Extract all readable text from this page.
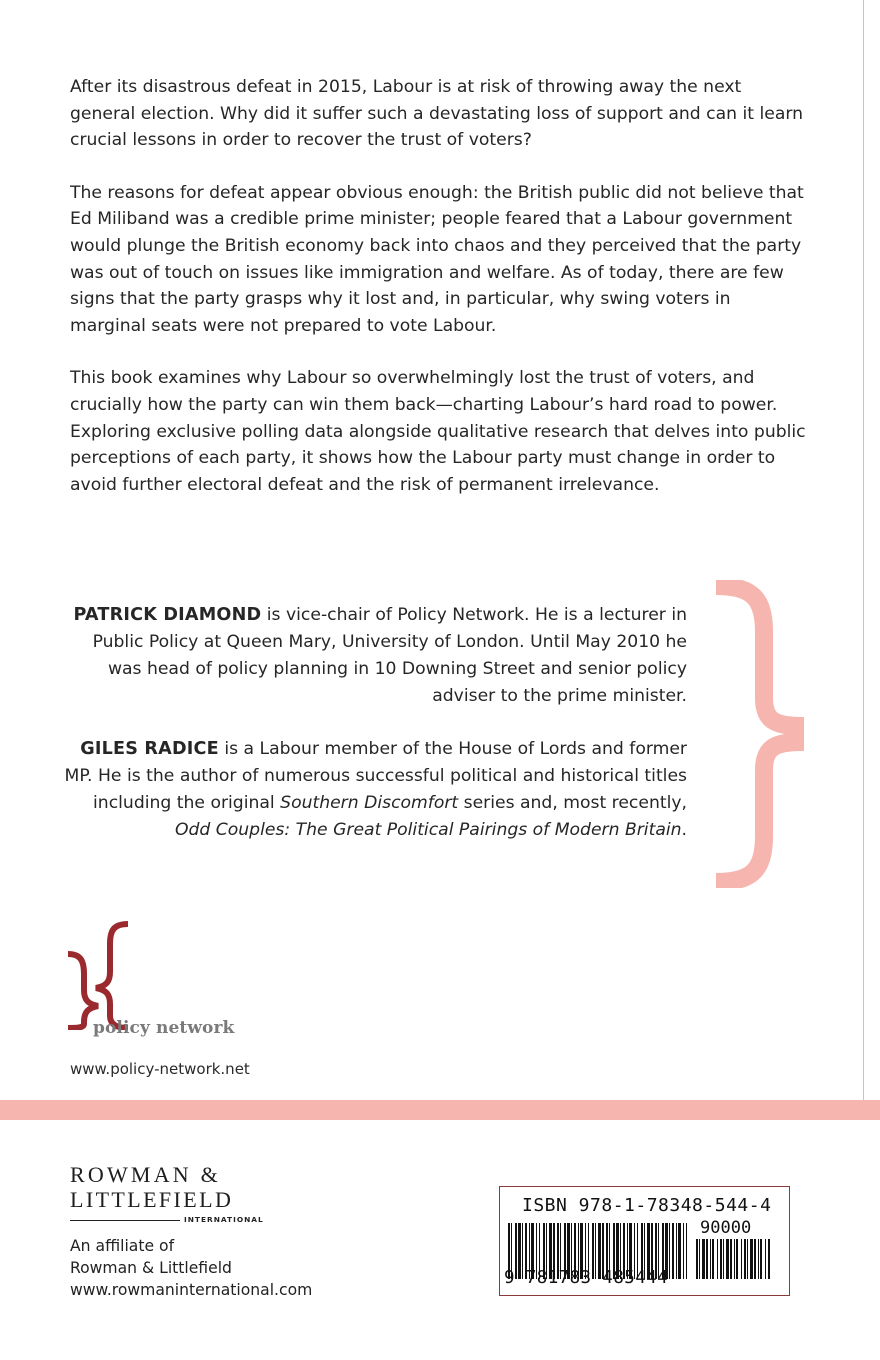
After its disastrous defeat in 2015, Labour is at risk of throwing away the next general election. Why did it suffer such a devastating loss of support and can it learn crucial lessons in order to recover the trust of voters?

The reasons for defeat appear obvious enough: the British public did not believe that Ed Miliband was a credible prime minister; people feared that a Labour government would plunge the British economy back into chaos and they perceived that the party was out of touch on issues like immigration and welfare. As of today, there are few signs that the party grasps why it lost and, in particular, why swing voters in marginal seats were not prepared to vote Labour.

This book examines why Labour so overwhelmingly lost the trust of voters, and crucially how the party can win them back—charting Labour’s hard road to power. Exploring exclusive polling data alongside qualitative research that delves into public perceptions of each party, it shows how the Labour party must change in order to avoid further electoral defeat and the risk of permanent irrelevance.

PATRICK DIAMOND is vice-chair of Policy Network. He is a lecturer in Public Policy at Queen Mary, University of London. Until May 2010 he was head of policy planning in 10 Downing Street and senior policy adviser to the prime minister.

GILES RADICE is a Labour member of the House of Lords and former MP. He is the author of numerous successful political and historical titles including the original Southern Discomfort series and, most recently, Odd Couples: The Great Political Pairings of Modern Britain.

policy network
www.policy-network.net
ROWMAN &
LITTLEFIELD
INTERNATIONAL
An affiliate of
Rowman & Littlefield
www.rowmaninternational.com
ISBN 978-1-78348-544-4
90000
9 781783 485444
